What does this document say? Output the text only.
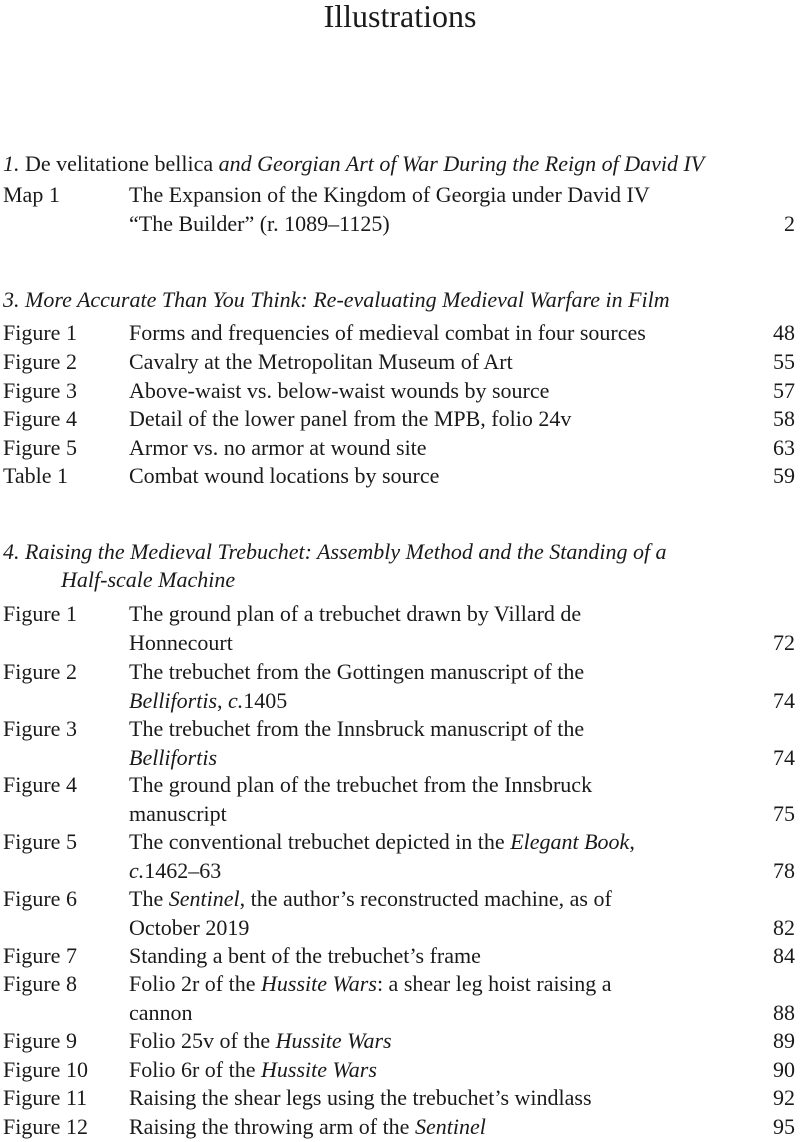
Illustrations
1. De velitatione bellica and Georgian Art of War During the Reign of David IV
Map 1	The Expansion of the Kingdom of Georgia under David IV
“The Builder” (r. 1089–1125)	2
3. More Accurate Than You Think: Re-evaluating Medieval Warfare in Film
Figure 1 Forms and frequencies of medieval combat in four sources	48
Figure 2 Cavalry at the Metropolitan Museum of Art	55
Figure 3 Above-waist vs. below-waist wounds by source	57
Figure 4 Detail of the lower panel from the MPB, folio 24v	58
Figure 5 Armor vs. no armor at wound site	63
Table 1	Combat wound locations by source	59
4. Raising the Medieval Trebuchet: Assembly Method and the Standing of a
Half-scale Machine
Figure 1 The ground plan of a trebuchet drawn by Villard de
Honnecourt	72
Figure 2 The trebuchet from the Gottingen manuscript of the
Bellifortis, c.1405	74
Figure 3 The trebuchet from the Innsbruck manuscript of the
Bellifortis	74
Figure 4 The ground plan of the trebuchet from the Innsbruck
manuscript	75
Figure 5 The conventional trebuchet depicted in the Elegant Book,
c.1462–63	78
Figure 6 The Sentinel, the author’s reconstructed machine, as of
October 2019	82
Figure 7 Standing a bent of the trebuchet’s frame	84
Figure 8 Folio 2r of the Hussite Wars: a shear leg hoist raising a
cannon	88
Figure 9 Folio 25v of the Hussite Wars	89
Figure 10 Folio 6r of the Hussite Wars	90
Figure 11 Raising the shear legs using the trebuchet’s windlass	92
Figure 12 Raising the throwing arm of the Sentinel	95
